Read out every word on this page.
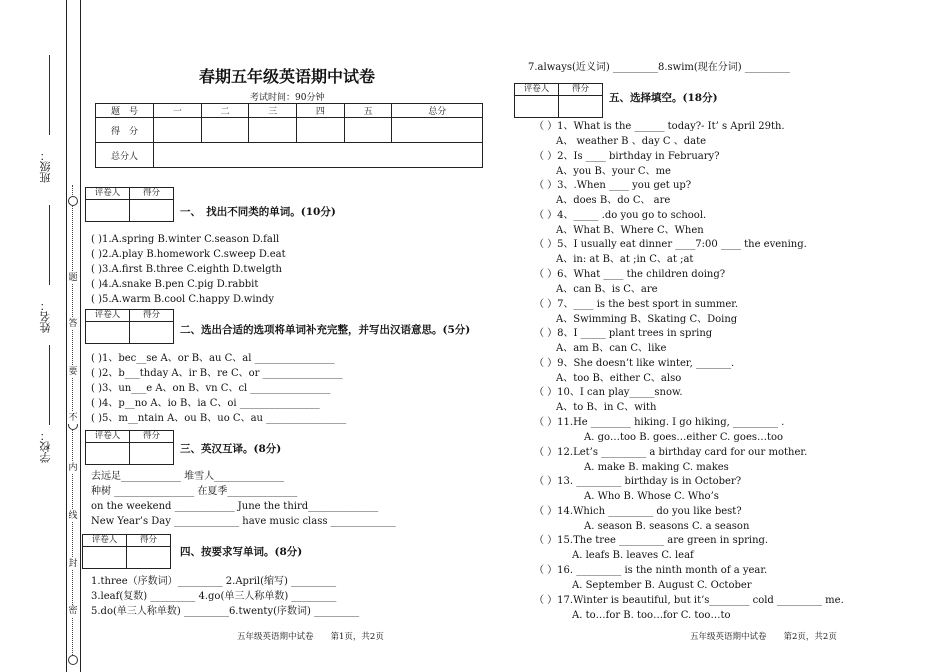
题
答
要
不
内
线
封
密
班级：
姓名：
学校：
春期五年级英语期中试卷
考试时间：90分钟
题　号	一	二	三	四	五	总分
得　分						
总分人						
评卷人	得分
一、　找出不同类的单词。(10分)
( )1.A.spring B.winter C.season D.fall
( )2.A.play B.homework C.sweep D.eat
( )3.A.first B.three C.eighth D.twelgth
( )4.A.snake B.pen C.pig D.rabbit
( )5.A.warm B.cool C.happy D.windy
评卷人	得分
二、选出合适的选项将单词补充完整，并写出汉语意思。(5分)
( )1、bec__se A、or B、au C、al ________________
( )2、b___thday A、ir B、re C、or ________________
( )3、un___e A、on B、vn C、cl ________________
( )4、p__no A、io B、ia C、oi ________________
( )5、m__ntain A、ou B、uo C、au ________________
评卷人	得分
三、英汉互译。(8分)
去远足____________ 堆雪人______________
种树 ________________ 在夏季______________
on the weekend ____________ June the third______________
New Year’s Day _____________ have music class _____________
评卷人	得分
四、按要求写单词。(8分)
1.three（序数词）_________ 2.April(缩写) _________
3.leaf(复数) _________ 4.go(单三人称单数) _________
5.do(单三人称单数) _________6.twenty(序数词) _________
五年级英语期中试卷　　第1页，共2页
7.always(近义词) _________8.swim(现在分词) _________
评卷人	得分
五、选择填空。(18分)
（ ）1、What is the ______ today?- It’ s April 29th.
A、 weather B 、day C 、date
（ ）2、Is ____ birthday in February?
A、you B、your C、me
（ ）3、.When ____ you get up?
A、does B、do C、 are
（ ）4、_____ .do you go to school.
A、What B、Where C、When
（ ）5、I usually eat dinner ____7:00 ____ the evening.
A、in: at B、at ;in C、at ;at
（ ）6、What ____ the children doing?
A、can B、is C、are
（ ）7、____ is the best sport in summer.
A、Swimming B、Skating C、Doing
（ ）8、I _____ plant trees in spring
A、am B、can C、like
（ ）9、She doesn’t like winter, _______.
A、too B、either C、also
（ ）10、I can play_____snow.
A、to B、in C、with
（ ）11.He ________ hiking. I go hiking, _________ .
A. go…too B. goes…either C. goes…too
（ ）12.Let’s _________ a birthday card for our mother.
A. make B. making C. makes
（ ）13. _________ birthday is in October?
A. Who B. Whose C. Who’s
（ ）14.Which _________ do you like best?
A. season B. seasons C. a season
（ ）15.The tree _________ are green in spring.
A. leafs B. leaves C. leaf
（ ）16. _________ is the ninth month of a year.
A. September B. August C. October
（ ）17.Winter is beautiful, but it’s________ cold _________ me.
A. to…for B. too…for C. too…to
五年级英语期中试卷　　第2页，共2页
